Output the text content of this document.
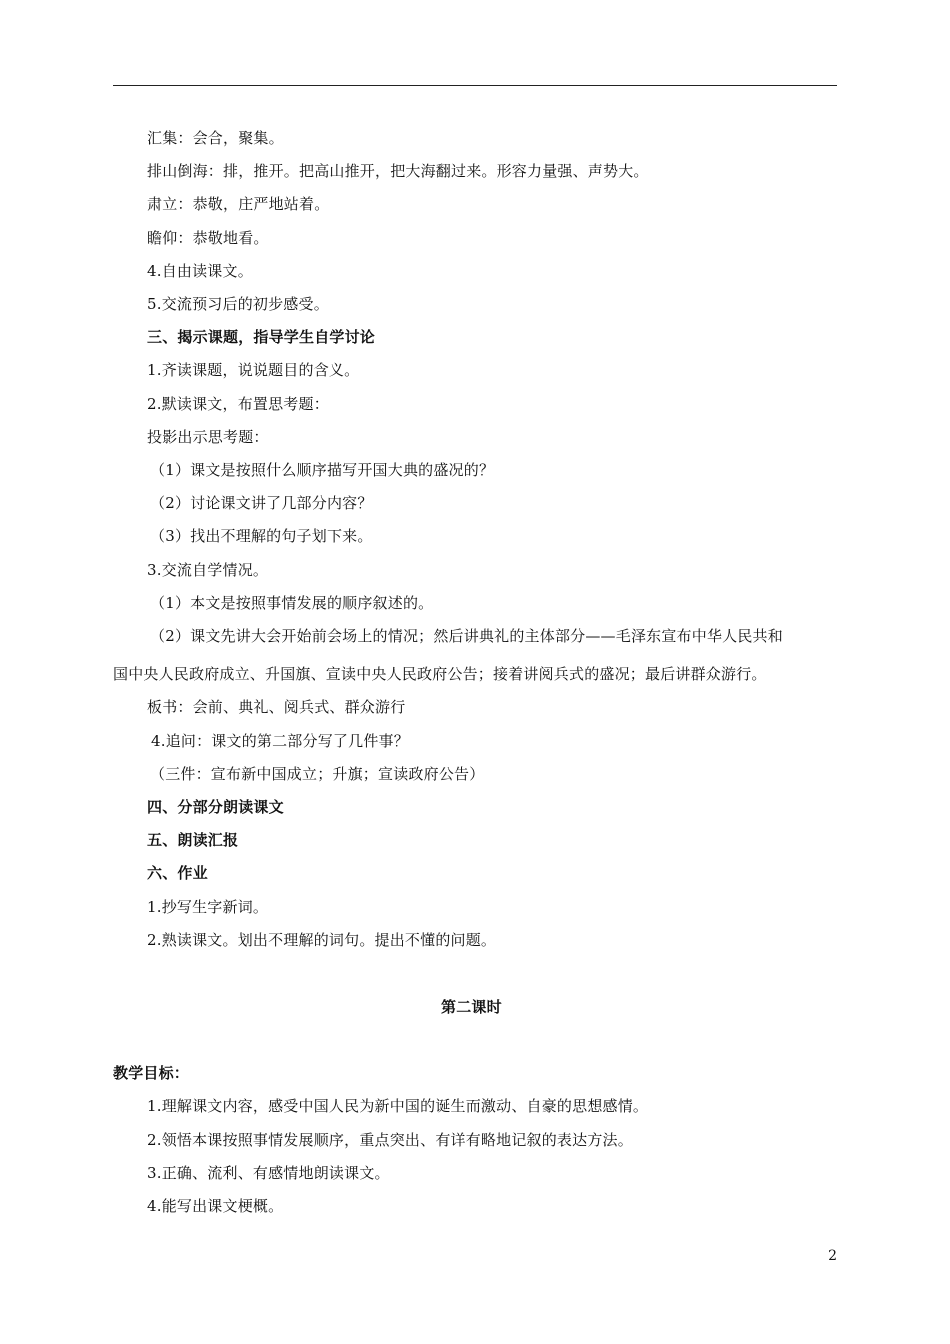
汇集：会合，聚集。
排山倒海：排，推开。把高山推开，把大海翻过来。形容力量强、声势大。
肃立：恭敬，庄严地站着。
瞻仰：恭敬地看。
4.自由读课文。
5.交流预习后的初步感受。
三、揭示课题，指导学生自学讨论
1.齐读课题，说说题目的含义。
2.默读课文，布置思考题：
投影出示思考题：
（1）课文是按照什么顺序描写开国大典的盛况的？
（2）讨论课文讲了几部分内容？
（3）找出不理解的句子划下来。
3.交流自学情况。
（1）本文是按照事情发展的顺序叙述的。
（2）课文先讲大会开始前会场上的情况；然后讲典礼的主体部分——毛泽东宣布中华人民共和
国中央人民政府成立、升国旗、宣读中央人民政府公告；接着讲阅兵式的盛况；最后讲群众游行。
板书：会前、典礼、阅兵式、群众游行
4.追问：课文的第二部分写了几件事？
（三件：宣布新中国成立；升旗；宣读政府公告）
四、分部分朗读课文
五、朗读汇报
六、作业
1.抄写生字新词。
2.熟读课文。划出不理解的词句。提出不懂的问题。
第二课时
教学目标：
1.理解课文内容，感受中国人民为新中国的诞生而激动、自豪的思想感情。
2.领悟本课按照事情发展顺序，重点突出、有详有略地记叙的表达方法。
3.正确、流利、有感情地朗读课文。
4.能写出课文梗概。
2
